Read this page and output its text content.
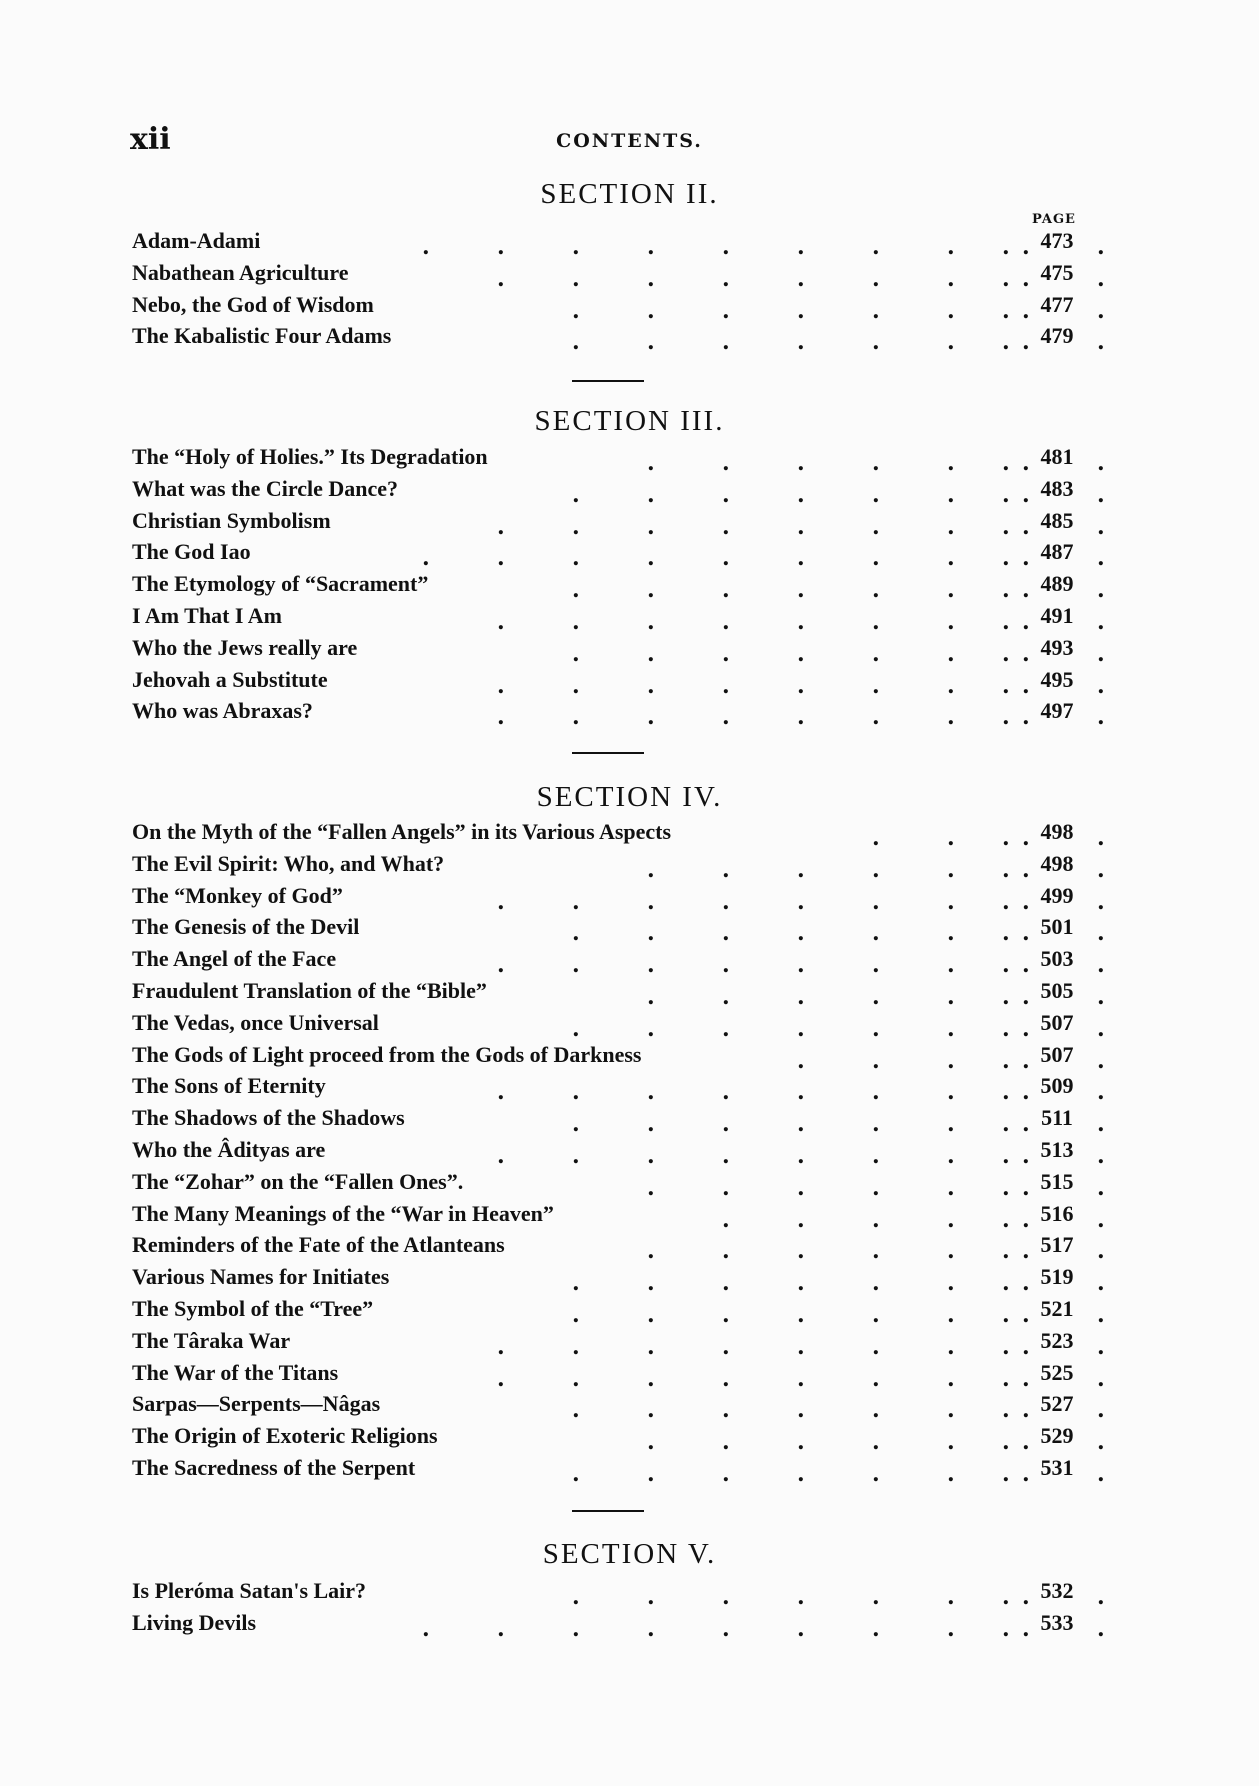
xii	CONTENTS.
SECTION II.
PAGE
Adam-Adami	473
.	.	.	.	.	.	.	.	.	.
.
Nabathean Agriculture	475
.	.	.	.	.	.	.	.	.
.
Nebo, the God of Wisdom	477
.	.	.	.	.	.	.	.
.
The Kabalistic Four Adams	479
.	.	.	.	.	.	.	.
.
SECTION III.
The “Holy of Holies.” Its Degradation	481
.	.	.	.	.	.	.
.
What was the Circle Dance?	483
.	.	.	.	.	.	.	.
.
Christian Symbolism	485
.	.	.	.	.	.	.	.	.
.
The God Iao	487
.	.	.	.	.	.	.	.	.	.
.
The Etymology of “Sacrament”	489
.	.	.	.	.	.	.	.
.
I Am That I Am	491
.	.	.	.	.	.	.	.	.
.
Who the Jews really are	493
.	.	.	.	.	.	.	.
.
Jehovah a Substitute	495
.	.	.	.	.	.	.	.	.
.
Who was Abraxas?	497
.	.	.	.	.	.	.	.	.
.
SECTION IV.
On the Myth of the “Fallen Angels” in its Various Aspects	498
.	.	.	.
.
The Evil Spirit: Who, and What?	498
.	.	.	.	.	.	.
.
The “Monkey of God”	499
.	.	.	.	.	.	.	.	.
.
The Genesis of the Devil	501
.	.	.	.	.	.	.	.
.
The Angel of the Face	503
.	.	.	.	.	.	.	.	.
.
Fraudulent Translation of the “Bible”	505
.	.	.	.	.	.	.
.
The Vedas, once Universal	507
.	.	.	.	.	.	.	.
.
The Gods of Light proceed from the Gods of Darkness	507
.	.	.	.	.
.
The Sons of Eternity	509
.	.	.	.	.	.	.	.	.
.
The Shadows of the Shadows	511
.	.	.	.	.	.	.	.
.
Who the Âdityas are	513
.	.	.	.	.	.	.	.	.
.
The “Zohar” on the “Fallen Ones”.	515
.	.	.	.	.	.	.
.
The Many Meanings of the “War in Heaven”	516
.	.	.	.	.	.
.
Reminders of the Fate of the Atlanteans	517
.	.	.	.	.	.	.
.
Various Names for Initiates	519
.	.	.	.	.	.	.	.
.
The Symbol of the “Tree”	521
.	.	.	.	.	.	.	.
.
The Târaka War	523
.	.	.	.	.	.	.	.	.
.
The War of the Titans	525
.	.	.	.	.	.	.	.	.
.
Sarpas—Serpents—Nâgas	527
.	.	.	.	.	.	.	.
.
The Origin of Exoteric Religions	529
.	.	.	.	.	.	.
.
The Sacredness of the Serpent	531
.	.	.	.	.	.	.	.
.
SECTION V.
Is Pleróma Satan's Lair?	532
.	.	.	.	.	.	.	.
.
Living Devils	533
.	.	.	.	.	.	.	.	.	.
.
